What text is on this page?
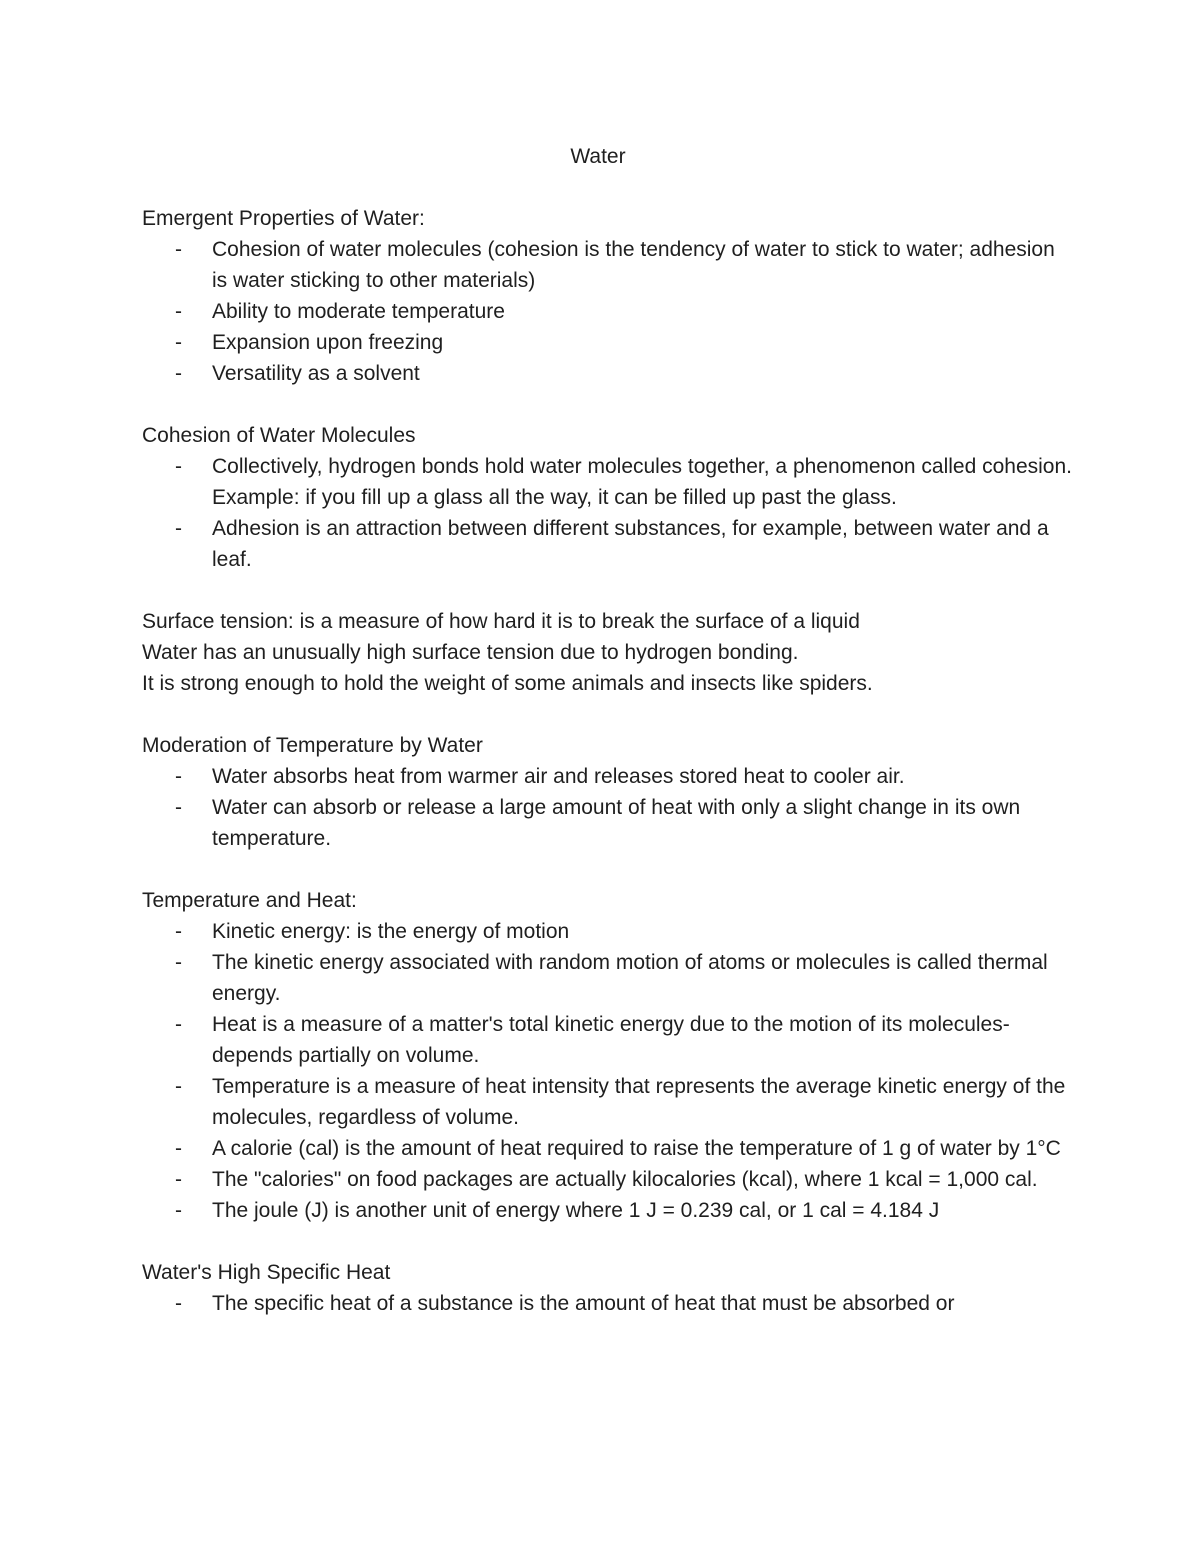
Water

Emergent Properties of Water:

- Cohesion of water molecules (cohesion is the tendency of water to stick to water; adhesion is water sticking to other materials)
- Ability to moderate temperature
- Expansion upon freezing
- Versatility as a solvent

Cohesion of Water Molecules

- Collectively, hydrogen bonds hold water molecules together, a phenomenon called cohesion. Example: if you fill up a glass all the way, it can be filled up past the glass.
- Adhesion is an attraction between different substances, for example, between water and a leaf.

Surface tension: is a measure of how hard it is to break the surface of a liquid

Water has an unusually high surface tension due to hydrogen bonding.

It is strong enough to hold the weight of some animals and insects like spiders.

Moderation of Temperature by Water

- Water absorbs heat from warmer air and releases stored heat to cooler air.
- Water can absorb or release a large amount of heat with only a slight change in its own temperature.

Temperature and Heat:

- Kinetic energy: is the energy of motion
- The kinetic energy associated with random motion of atoms or molecules is called thermal energy.
- Heat is a measure of a matter's total kinetic energy due to the motion of its molecules- depends partially on volume.
- Temperature is a measure of heat intensity that represents the average kinetic energy of the molecules, regardless of volume.
- A calorie (cal) is the amount of heat required to raise the temperature of 1 g of water by 1°C
- The "calories" on food packages are actually kilocalories (kcal), where 1 kcal = 1,000 cal.
- The joule (J) is another unit of energy where 1 J = 0.239 cal, or 1 cal = 4.184 J

Water's High Specific Heat

- The specific heat of a substance is the amount of heat that must be absorbed or
